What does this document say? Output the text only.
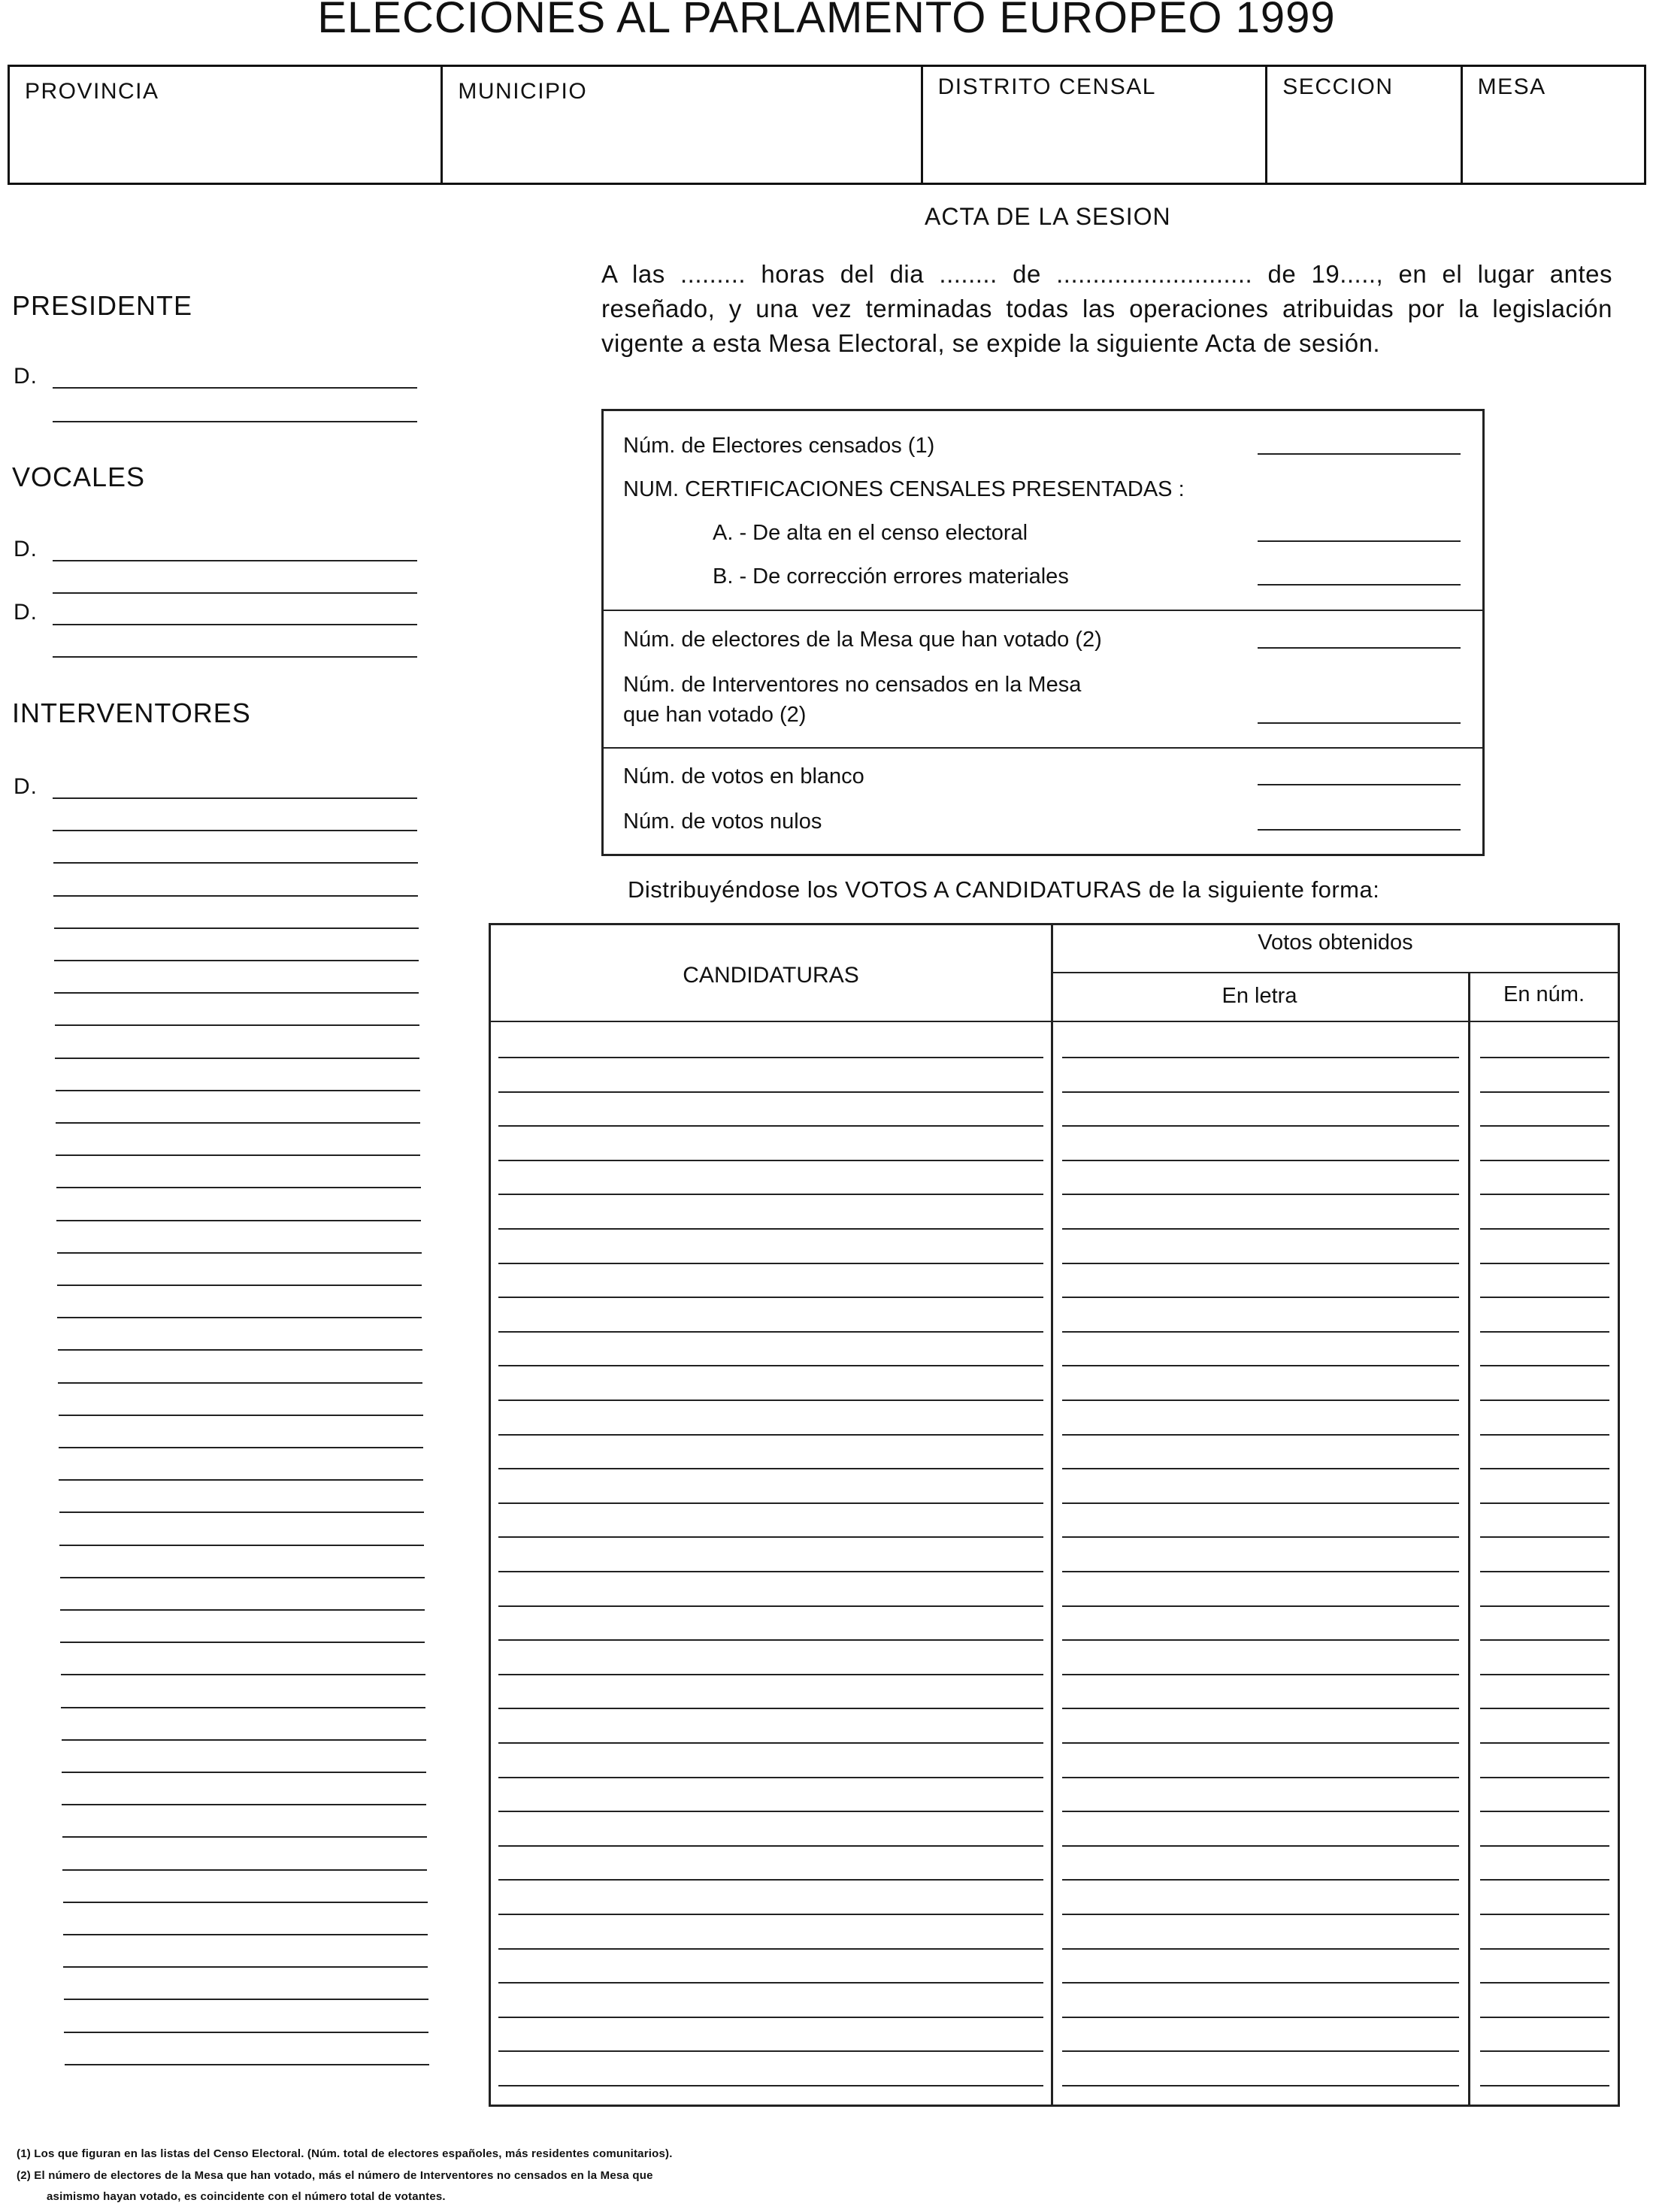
ELECCIONES AL PARLAMENTO EUROPEO 1999
PROVINCIA	MUNICIPIO	DISTRITO CENSAL	SECCION	MESA
ACTA DE LA SESION
A las ......... horas del dia ........ de ........................... de 19....., en el lugar antes reseñado, y una vez terminadas todas las operaciones atribuidas por la legislación vigente a esta Mesa Electoral, se expide la siguiente Acta de sesión.
PRESIDENTE
D.
VOCALES
D.
D.
INTERVENTORES
D.
Núm. de Electores censados (1)
NUM. CERTIFICACIONES CENSALES PRESENTADAS :
A. - De alta en el censo electoral
B. - De corrección errores materiales
Núm. de electores de la Mesa que han votado (2)
Núm. de Interventores no censados en la Mesa
que han votado (2)
Núm. de votos en blanco
Núm. de votos nulos
Distribuyéndose los VOTOS A CANDIDATURAS de la siguiente forma:
CANDIDATURAS
Votos obtenidos
En letra	En núm.
(1) Los que figuran en las listas del Censo Electoral. (Núm. total de electores españoles, más residentes comunitarios).
(2) El número de electores de la Mesa que han votado, más el número de Interventores no censados en la Mesa que
asimismo hayan votado, es coincidente con el número total de votantes.
